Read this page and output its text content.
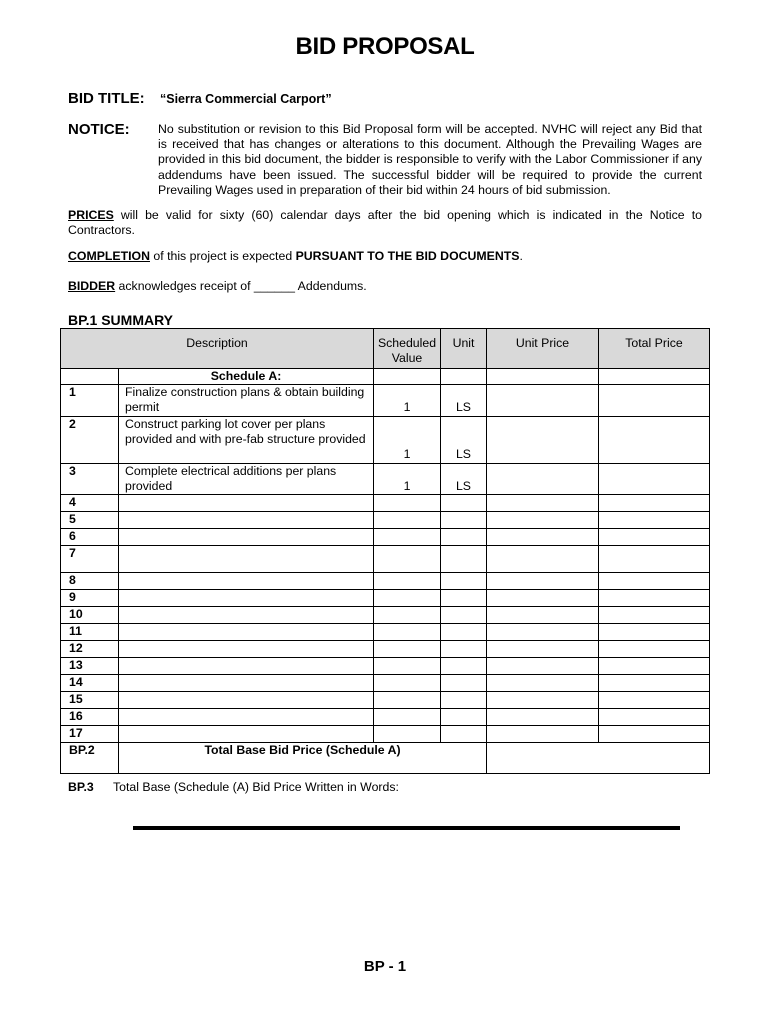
BID PROPOSAL
BID TITLE: “Sierra Commercial Carport”
NOTICE: No substitution or revision to this Bid Proposal form will be accepted. NVHC will reject any Bid that is received that has changes or alterations to this document. Although the Prevailing Wages are provided in this bid document, the bidder is responsible to verify with the Labor Commissioner if any addendums have been issued. The successful bidder will be required to provide the current Prevailing Wages used in preparation of their bid within 24 hours of bid submission.
PRICES will be valid for sixty (60) calendar days after the bid opening which is indicated in the Notice to Contractors.
COMPLETION of this project is expected PURSUANT TO THE BID DOCUMENTS.
BIDDER acknowledges receipt of ______ Addendums.
BP.1 SUMMARY
Description		Scheduled Value	Unit	Unit Price	Total Price
	Schedule A:				
1	Finalize construction plans & obtain building permit	1	LS		
2	Construct parking lot cover per plans provided and with pre-fab structure provided	1	LS		
3	Complete electrical additions per plans provided	1	LS		
4					
5					
6					
7					
8					
9					
10					
11					
12					
13					
14					
15					
16					
17					
BP.2	Total Base Bid Price (Schedule A)				
BP.3 Total Base (Schedule (A) Bid Price Written in Words:
BP - 1
